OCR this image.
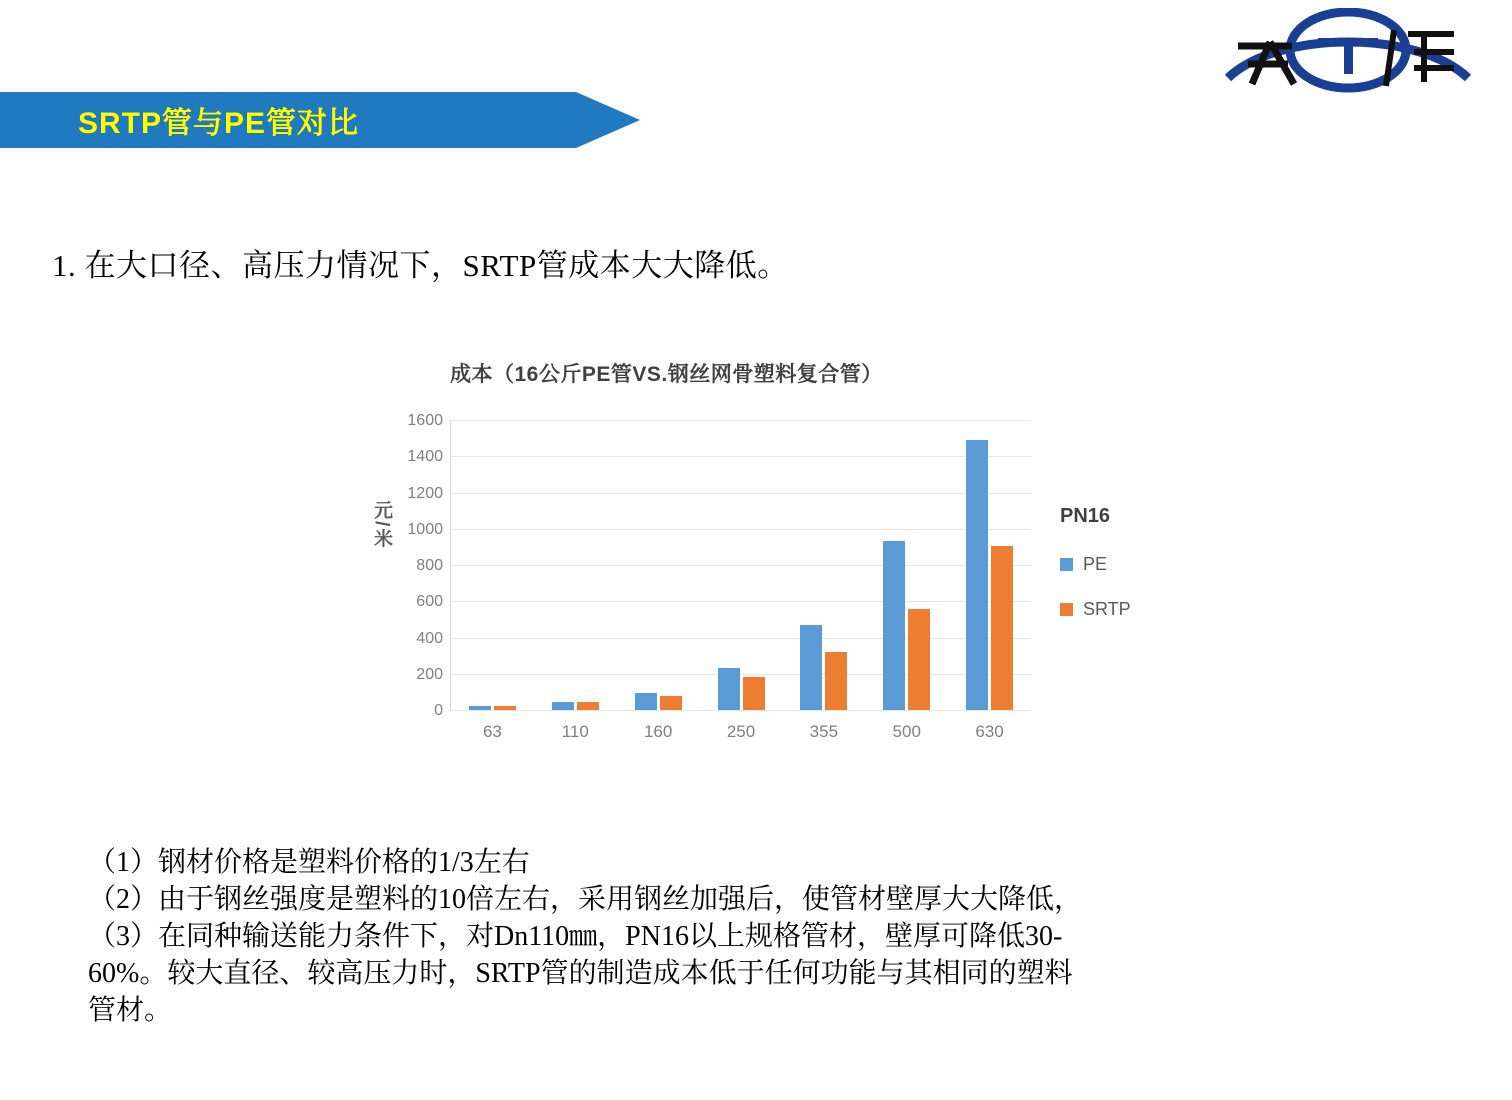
SRTP管与PE管对比
1. 在大口径、高压力情况下，SRTP管成本大大降低。
成本（16公斤PE管VS.钢丝网骨塑料复合管）
元/米
1600
1400
1200
1000
800
600
400
200
0
63	110	160	250	355	500	630
PN16
PE
SRTP

（1）钢材价格是塑料价格的1/3左右

（2）由于钢丝强度是塑料的10倍左右，采用钢丝加强后，使管材壁厚大大降低，

（3）在同种输送能力条件下，对Dn110㎜，PN16以上规格管材，壁厚可降低30-

60%。较大直径、较高压力时，SRTP管的制造成本低于任何功能与其相同的塑料

管材。
